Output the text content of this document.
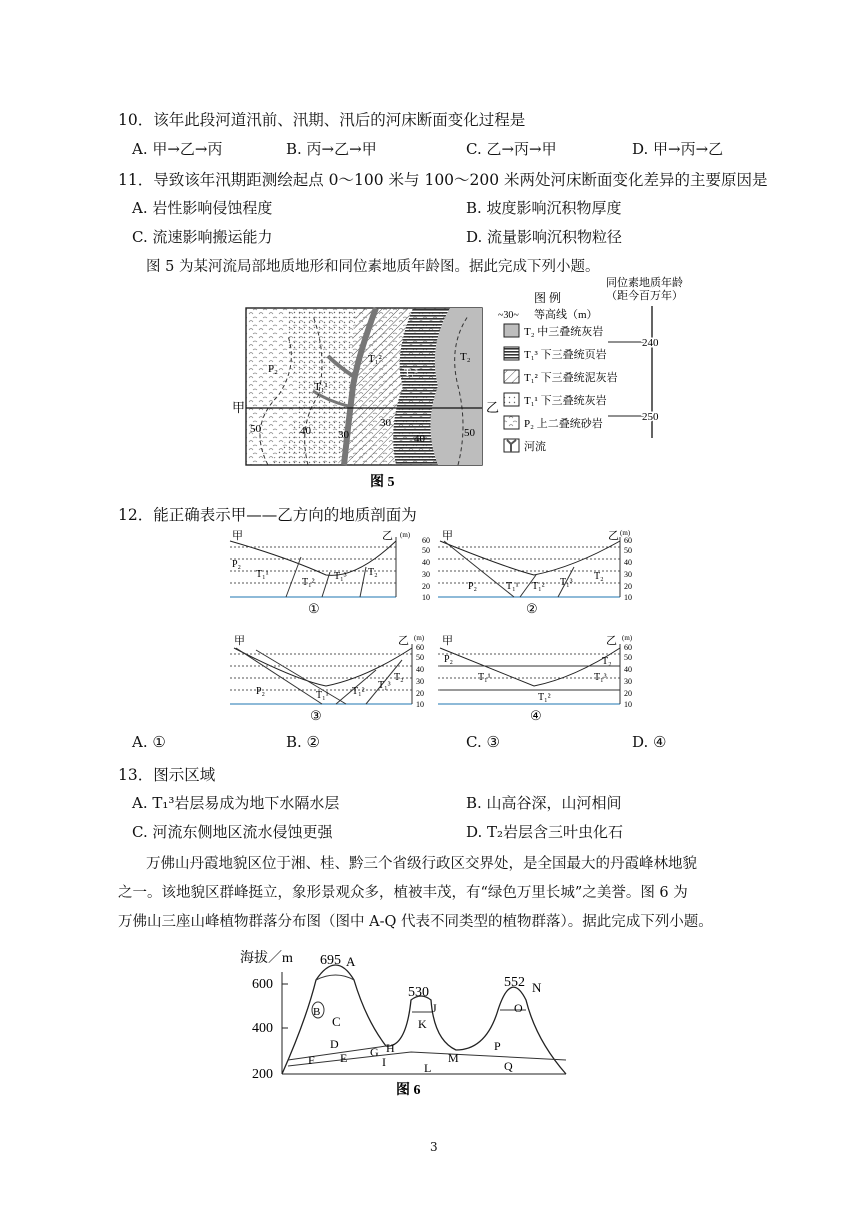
10．该年此段河道汛前、汛期、汛后的河床断面变化过程是
A. 甲→乙→丙	B. 丙→乙→甲	C. 乙→丙→甲	D. 甲→丙→乙
11．导致该年汛期距测绘起点 0～100 米与 100～200 米两处河床断面变化差异的主要原因是
A. 岩性影响侵蚀程度	B. 坡度影响沉积物厚度
C. 流速影响搬运能力	D. 流量影响沉积物粒径
图 5 为某河流局部地质地形和同位素地质年龄图。据此完成下列小题。
甲	乙
50	40 30
30
40	50
P₂
T₁¹
T₁²
T₁³
T₂
图 例
~30~ 等高线（m）
T₂ 中三叠统灰岩
T₁³ 下三叠统页岩
T₁² 下三叠统泥灰岩
T₁¹ 下三叠统灰岩
P₂ 上二叠统砂岩
河流
同位素地质年龄
（距今百万年）
240
250
图 5
12．能正确表示甲——乙方向的地质剖面为
甲	乙
P₂
T₁¹
T₁²
T₁³ T₂
(m)
60
50
40
30
20
10
①
甲	乙
P₂	T₁¹ T₁² T₁³
T₂
(m)
60
50
40
30
20
10
②
甲	乙
P₂	T₁¹ T₁²
T₁³
T₂
(m)
60
50
40
30
20
10
③
甲	乙
P₂
T₁¹
T₁²
T₁³
T₂
(m)
60
50
40
30
20
10
④
A. ①	B. ②	C. ③	D. ④
13．图示区域
A. T₁³岩层易成为地下水隔水层	B. 山高谷深，山河相间
C. 河流东侧地区流水侵蚀更强	D. T₂岩层含三叶虫化石
万佛山丹霞地貌区位于湘、桂、黔三个省级行政区交界处，是全国最大的丹霞峰林地貌
之一。该地貌区群峰挺立，象形景观众多，植被丰茂，有“绿色万里长城”之美誉。图 6 为
万佛山三座山峰植物群落分布图（图中 A-Q 代表不同类型的植物群落）。据此完成下列小题。
海拔／m
600
400
200
695
530
552
A
B
C
D
E
F
G H
I
J
K
L
M
N
O
P
Q
图 6
3
